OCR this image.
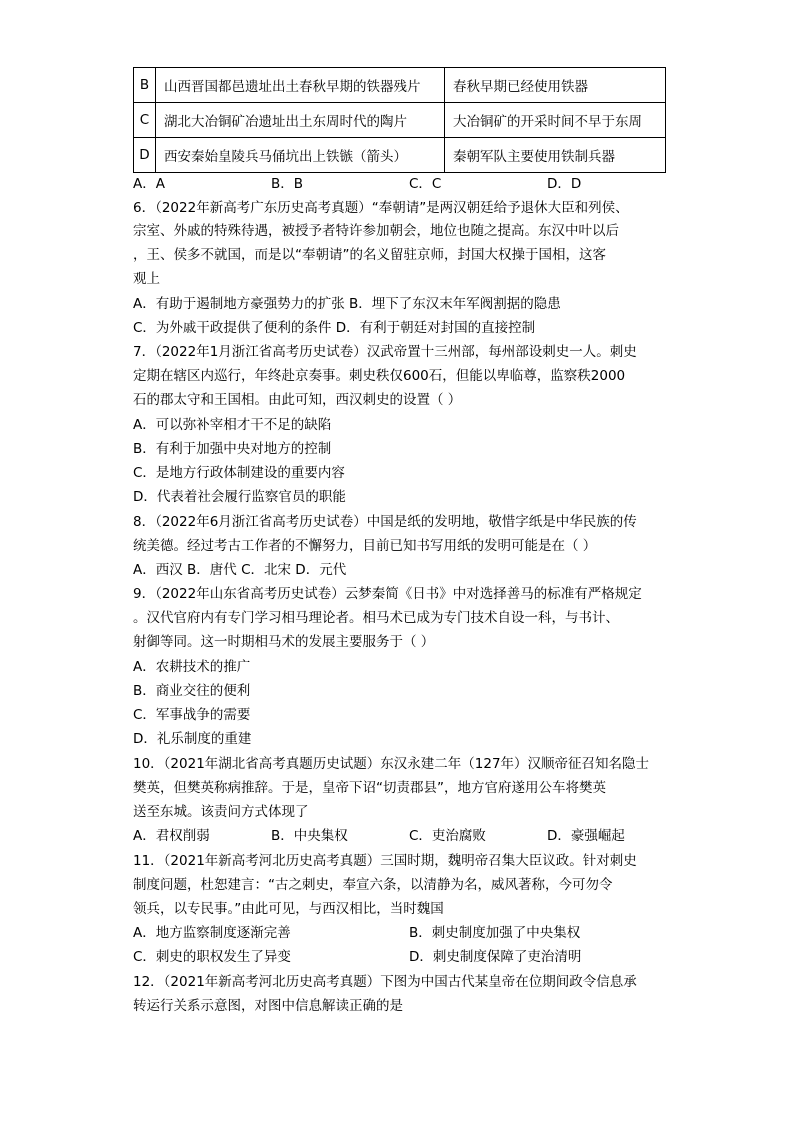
B	山西晋国都邑遗址出土春秋早期的铁器残片	春秋早期已经使用铁器
C	湖北大冶铜矿冶遗址出土东周时代的陶片	大冶铜矿的开采时间不早于东周
D	西安秦始皇陵兵马俑坑出上铁镞（箭头）	秦朝军队主要使用铁制兵器
A．A	B．B	C．C	D．D
6．（2022年新高考广东历史高考真题）“奉朝请”是两汉朝廷给予退休大臣和列侯、
宗室、外戚的特殊待遇，被授予者特许参加朝会，地位也随之提高。东汉中叶以后
，王、侯多不就国，而是以“奉朝请”的名义留驻京师，封国大权操于国相，这客
观上
A．有助于遏制地方豪强势力的扩张 B．埋下了东汉末年军阀割据的隐患
C．为外戚干政提供了便利的条件 D．有利于朝廷对封国的直接控制
7．（2022年1月浙江省高考历史试卷）汉武帝置十三州部，每州部设刺史一人。刺史
定期在辖区内巡行，年终赴京奏事。刺史秩仅600石，但能以卑临尊，监察秩2000
石的郡太守和王国相。由此可知，西汉刺史的设置（ ）
A．可以弥补宰相才干不足的缺陷
B．有利于加强中央对地方的控制
C．是地方行政体制建设的重要内容
D．代表着社会履行监察官员的职能
8．（2022年6月浙江省高考历史试卷）中国是纸的发明地，敬惜字纸是中华民族的传
统美德。经过考古工作者的不懈努力，目前已知书写用纸的发明可能是在（ ）
A．西汉 B．唐代 C．北宋 D．元代
9．（2022年山东省高考历史试卷）云梦秦简《日书》中对选择善马的标准有严格规定
。汉代官府内有专门学习相马理论者。相马术已成为专门技术自设一科，与书计、
射御等同。这一时期相马术的发展主要服务于（ ）
A．农耕技术的推广
B．商业交往的便利
C．军事战争的需要
D．礼乐制度的重建
10．（2021年湖北省高考真题历史试题）东汉永建二年（127年）汉顺帝征召知名隐士
樊英，但樊英称病推辞。于是，皇帝下诏“切责郡县”，地方官府遂用公车将樊英
送至东城。该责问方式体现了
A．君权削弱	B．中央集权	C．吏治腐败	D．豪强崛起
11．（2021年新高考河北历史高考真题）三国时期，魏明帝召集大臣议政。针对刺史
制度问题，杜恕建言：“古之刺史，奉宣六条，以清静为名，威风著称，今可勿令
领兵，以专民事。”由此可见，与西汉相比，当时魏国
A．地方监察制度逐渐完善	B．刺史制度加强了中央集权
C．刺史的职权发生了异变	D．刺史制度保障了吏治清明
12．（2021年新高考河北历史高考真题）下图为中国古代某皇帝在位期间政令信息承
转运行关系示意图，对图中信息解读正确的是
